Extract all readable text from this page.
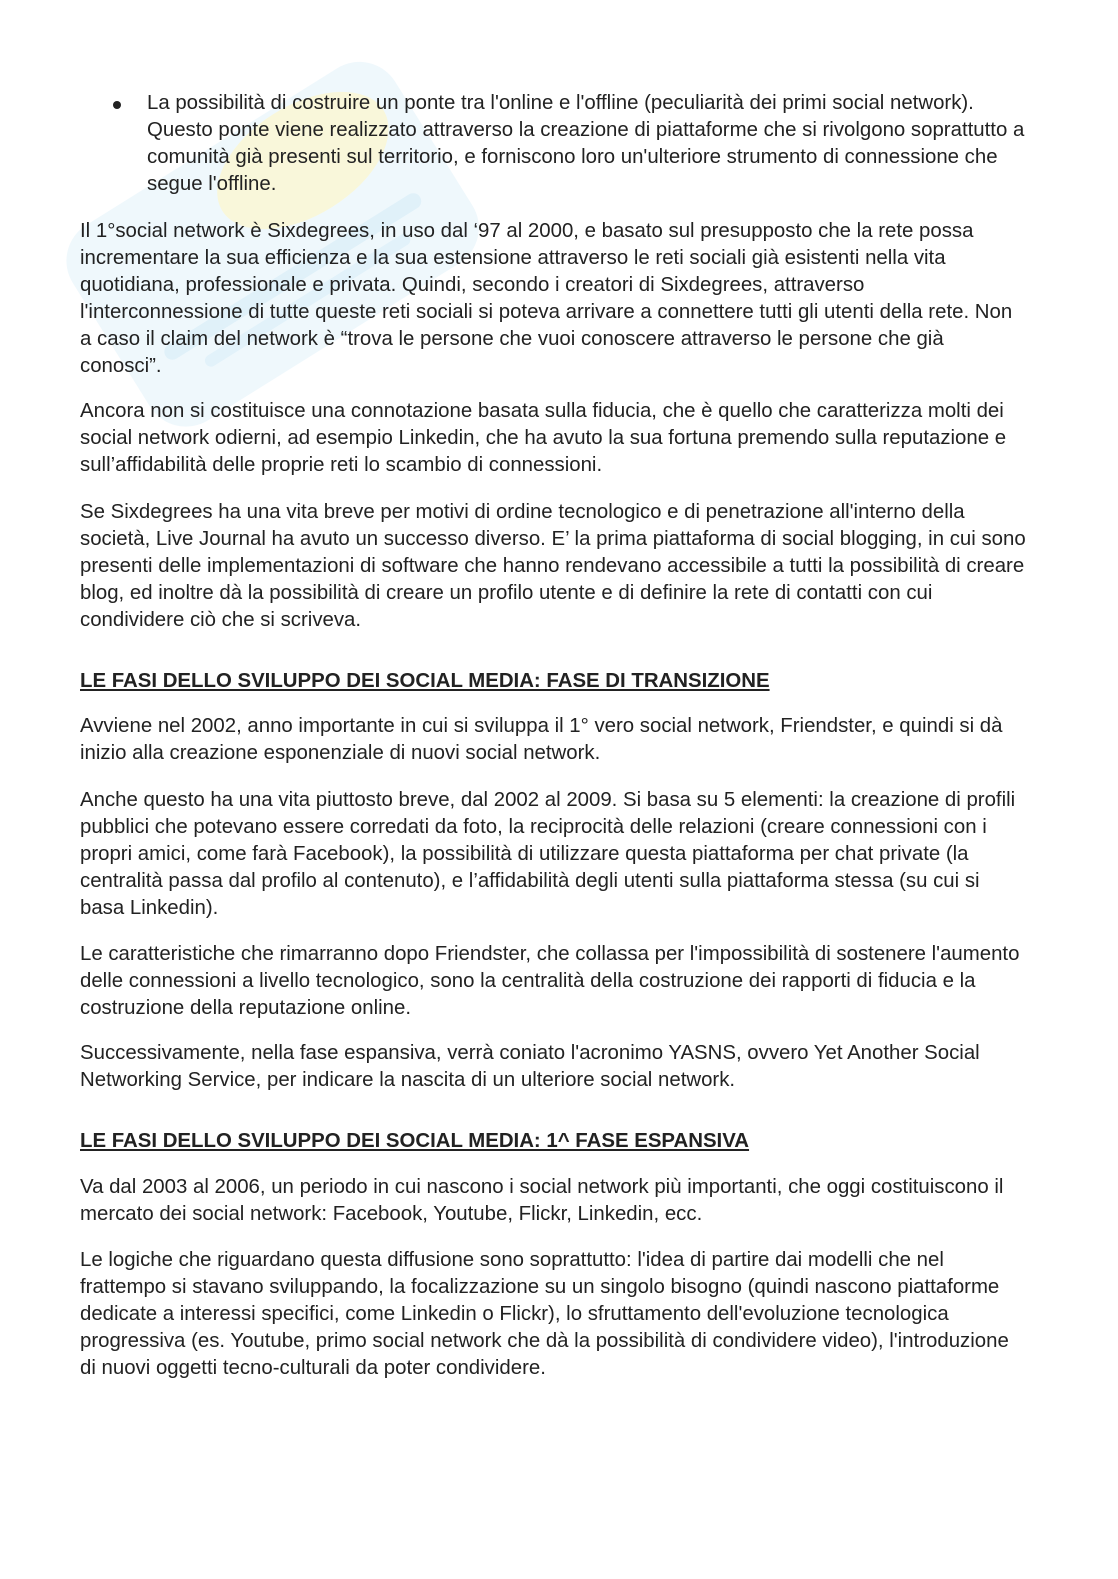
La possibilità di costruire un ponte tra l'online e l'offline (peculiarità dei primi social network).
Questo ponte viene realizzato attraverso la creazione di piattaforme che si rivolgono soprattutto a
comunità già presenti sul territorio, e forniscono loro un'ulteriore strumento di connessione che
segue l'offline.
Il 1°social network è Sixdegrees, in uso dal ‘97 al 2000, e basato sul presupposto che la rete possa
incrementare la sua efficienza e la sua estensione attraverso le reti sociali già esistenti nella vita
quotidiana, professionale e privata. Quindi, secondo i creatori di Sixdegrees, attraverso
l'interconnessione di tutte queste reti sociali si poteva arrivare a connettere tutti gli utenti della rete. Non
a caso il claim del network è “trova le persone che vuoi conoscere attraverso le persone che già
conosci”.
Ancora non si costituisce una connotazione basata sulla fiducia, che è quello che caratterizza molti dei
social network odierni, ad esempio Linkedin, che ha avuto la sua fortuna premendo sulla reputazione e
sull’affidabilità delle proprie reti lo scambio di connessioni.
Se Sixdegrees ha una vita breve per motivi di ordine tecnologico e di penetrazione all'interno della
società, Live Journal ha avuto un successo diverso. E’ la prima piattaforma di social blogging, in cui sono
presenti delle implementazioni di software che hanno rendevano accessibile a tutti la possibilità di creare
blog, ed inoltre dà la possibilità di creare un profilo utente e di definire la rete di contatti con cui
condividere ciò che si scriveva.
LE FASI DELLO SVILUPPO DEI SOCIAL MEDIA: FASE DI TRANSIZIONE
Avviene nel 2002, anno importante in cui si sviluppa il 1° vero social network, Friendster, e quindi si dà
inizio alla creazione esponenziale di nuovi social network.
Anche questo ha una vita piuttosto breve, dal 2002 al 2009. Si basa su 5 elementi: la creazione di profili
pubblici che potevano essere corredati da foto, la reciprocità delle relazioni (creare connessioni con i
propri amici, come farà Facebook), la possibilità di utilizzare questa piattaforma per chat private (la
centralità passa dal profilo al contenuto), e l’affidabilità degli utenti sulla piattaforma stessa (su cui si
basa Linkedin).
Le caratteristiche che rimarranno dopo Friendster, che collassa per l'impossibilità di sostenere l'aumento
delle connessioni a livello tecnologico, sono la centralità della costruzione dei rapporti di fiducia e la
costruzione della reputazione online.
Successivamente, nella fase espansiva, verrà coniato l'acronimo YASNS, ovvero Yet Another Social
Networking Service, per indicare la nascita di un ulteriore social network.
LE FASI DELLO SVILUPPO DEI SOCIAL MEDIA: 1^ FASE ESPANSIVA
Va dal 2003 al 2006, un periodo in cui nascono i social network più importanti, che oggi costituiscono il
mercato dei social network: Facebook, Youtube, Flickr, Linkedin, ecc.
Le logiche che riguardano questa diffusione sono soprattutto: l'idea di partire dai modelli che nel
frattempo si stavano sviluppando, la focalizzazione su un singolo bisogno (quindi nascono piattaforme
dedicate a interessi specifici, come Linkedin o Flickr), lo sfruttamento dell'evoluzione tecnologica
progressiva (es. Youtube, primo social network che dà la possibilità di condividere video), l'introduzione
di nuovi oggetti tecno-culturali da poter condividere.
